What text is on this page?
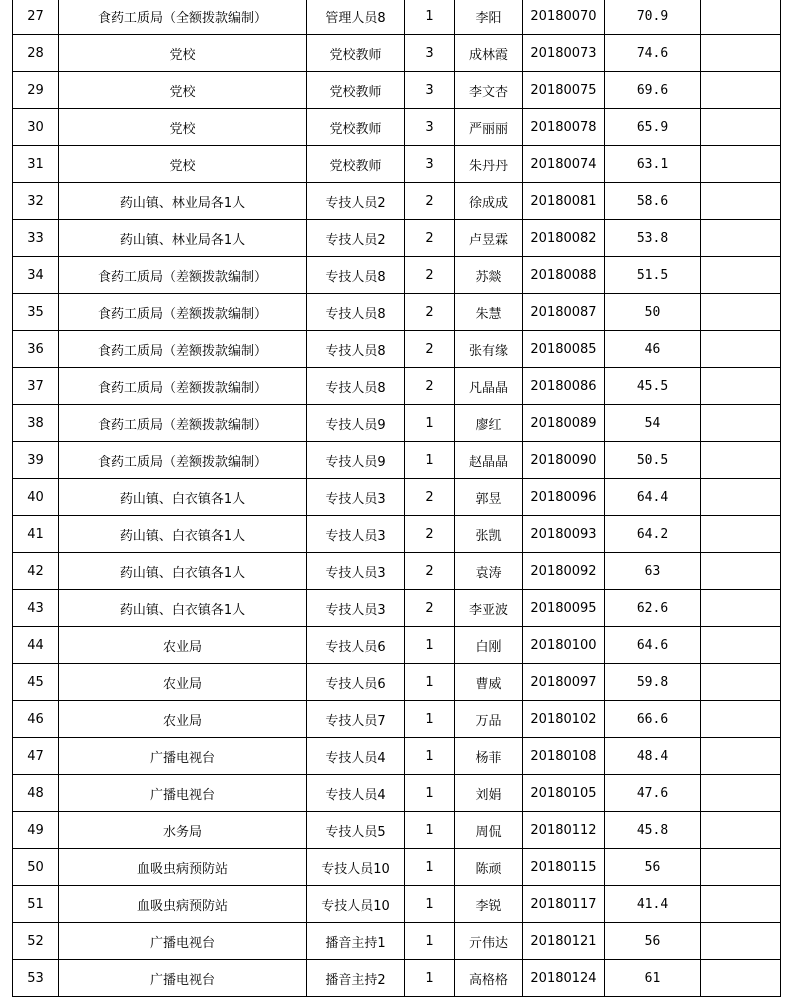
27	食药工质局（全额拨款编制）	管理人员8	1	李阳	20180070	70.9	
28	党校	党校教师	3	成林霞	20180073	74.6	
29	党校	党校教师	3	李文杏	20180075	69.6	
30	党校	党校教师	3	严丽丽	20180078	65.9	
31	党校	党校教师	3	朱丹丹	20180074	63.1	
32	药山镇、林业局各1人	专技人员2	2	徐成成	20180081	58.6	
33	药山镇、林业局各1人	专技人员2	2	卢昱霖	20180082	53.8	
34	食药工质局（差额拨款编制）	专技人员8	2	苏燚	20180088	51.5	
35	食药工质局（差额拨款编制）	专技人员8	2	朱慧	20180087	50	
36	食药工质局（差额拨款编制）	专技人员8	2	张有缘	20180085	46	
37	食药工质局（差额拨款编制）	专技人员8	2	凡晶晶	20180086	45.5	
38	食药工质局（差额拨款编制）	专技人员9	1	廖红	20180089	54	
39	食药工质局（差额拨款编制）	专技人员9	1	赵晶晶	20180090	50.5	
40	药山镇、白衣镇各1人	专技人员3	2	郭昱	20180096	64.4	
41	药山镇、白衣镇各1人	专技人员3	2	张凯	20180093	64.2	
42	药山镇、白衣镇各1人	专技人员3	2	袁涛	20180092	63	
43	药山镇、白衣镇各1人	专技人员3	2	李亚波	20180095	62.6	
44	农业局	专技人员6	1	白刚	20180100	64.6	
45	农业局	专技人员6	1	曹威	20180097	59.8	
46	农业局	专技人员7	1	万品	20180102	66.6	
47	广播电视台	专技人员4	1	杨菲	20180108	48.4	
48	广播电视台	专技人员4	1	刘娟	20180105	47.6	
49	水务局	专技人员5	1	周侃	20180112	45.8	
50	血吸虫病预防站	专技人员10	1	陈顽	20180115	56	
51	血吸虫病预防站	专技人员10	1	李锐	20180117	41.4	
52	广播电视台	播音主持1	1	亓伟达	20180121	56	
53	广播电视台	播音主持2	1	高格格	20180124	61	
